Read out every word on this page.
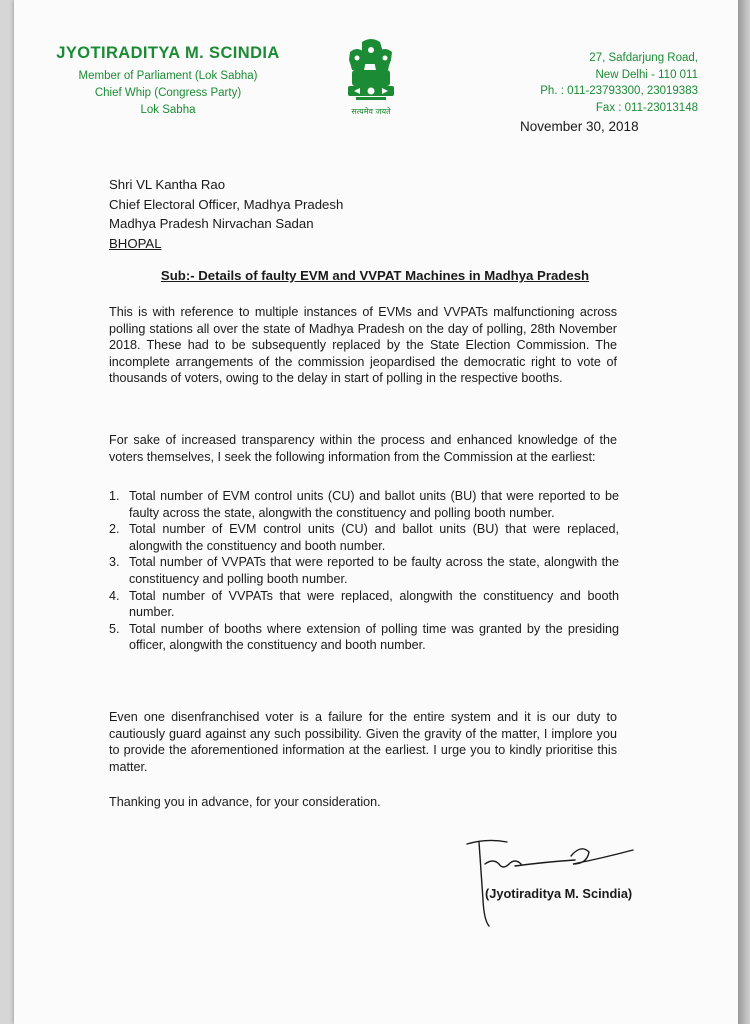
JYOTIRADITYA M. SCINDIA
Member of Parliament (Lok Sabha)
Chief Whip (Congress Party)
Lok Sabha	सत्यमेव जयते
27, Safdarjung Road,
New Delhi - 110 011
Ph. : 011-23793300, 23019383
Fax : 011-23013148
November 30, 2018
Shri VL Kantha Rao
Chief Electoral Officer, Madhya Pradesh
Madhya Pradesh Nirvachan Sadan
BHOPAL
Sub:- Details of faulty EVM and VVPAT Machines in Madhya Pradesh
This is with reference to multiple instances of EVMs and VVPATs malfunctioning across polling stations all over the state of Madhya Pradesh on the day of polling, 28th November 2018. These had to be subsequently replaced by the State Election Commission. The incomplete arrangements of the commission jeopardised the democratic right to vote of thousands of voters, owing to the delay in start of polling in the respective booths.
For sake of increased transparency within the process and enhanced knowledge of the voters themselves, I seek the following information from the Commission at the earliest:
1. Total number of EVM control units (CU) and ballot units (BU) that were reported to be faulty across the state, alongwith the constituency and polling booth number.
2. Total number of EVM control units (CU) and ballot units (BU) that were replaced, alongwith the constituency and booth number.
3. Total number of VVPATs that were reported to be faulty across the state, alongwith the constituency and polling booth number.
4. Total number of VVPATs that were replaced, alongwith the constituency and booth number.
5. Total number of booths where extension of polling time was granted by the presiding officer, alongwith the constituency and booth number.
Even one disenfranchised voter is a failure for the entire system and it is our duty to cautiously guard against any such possibility. Given the gravity of the matter, I implore you to provide the aforementioned information at the earliest. I urge you to kindly prioritise this matter.
Thanking you in advance, for your consideration.
(Jyotiraditya M. Scindia)
